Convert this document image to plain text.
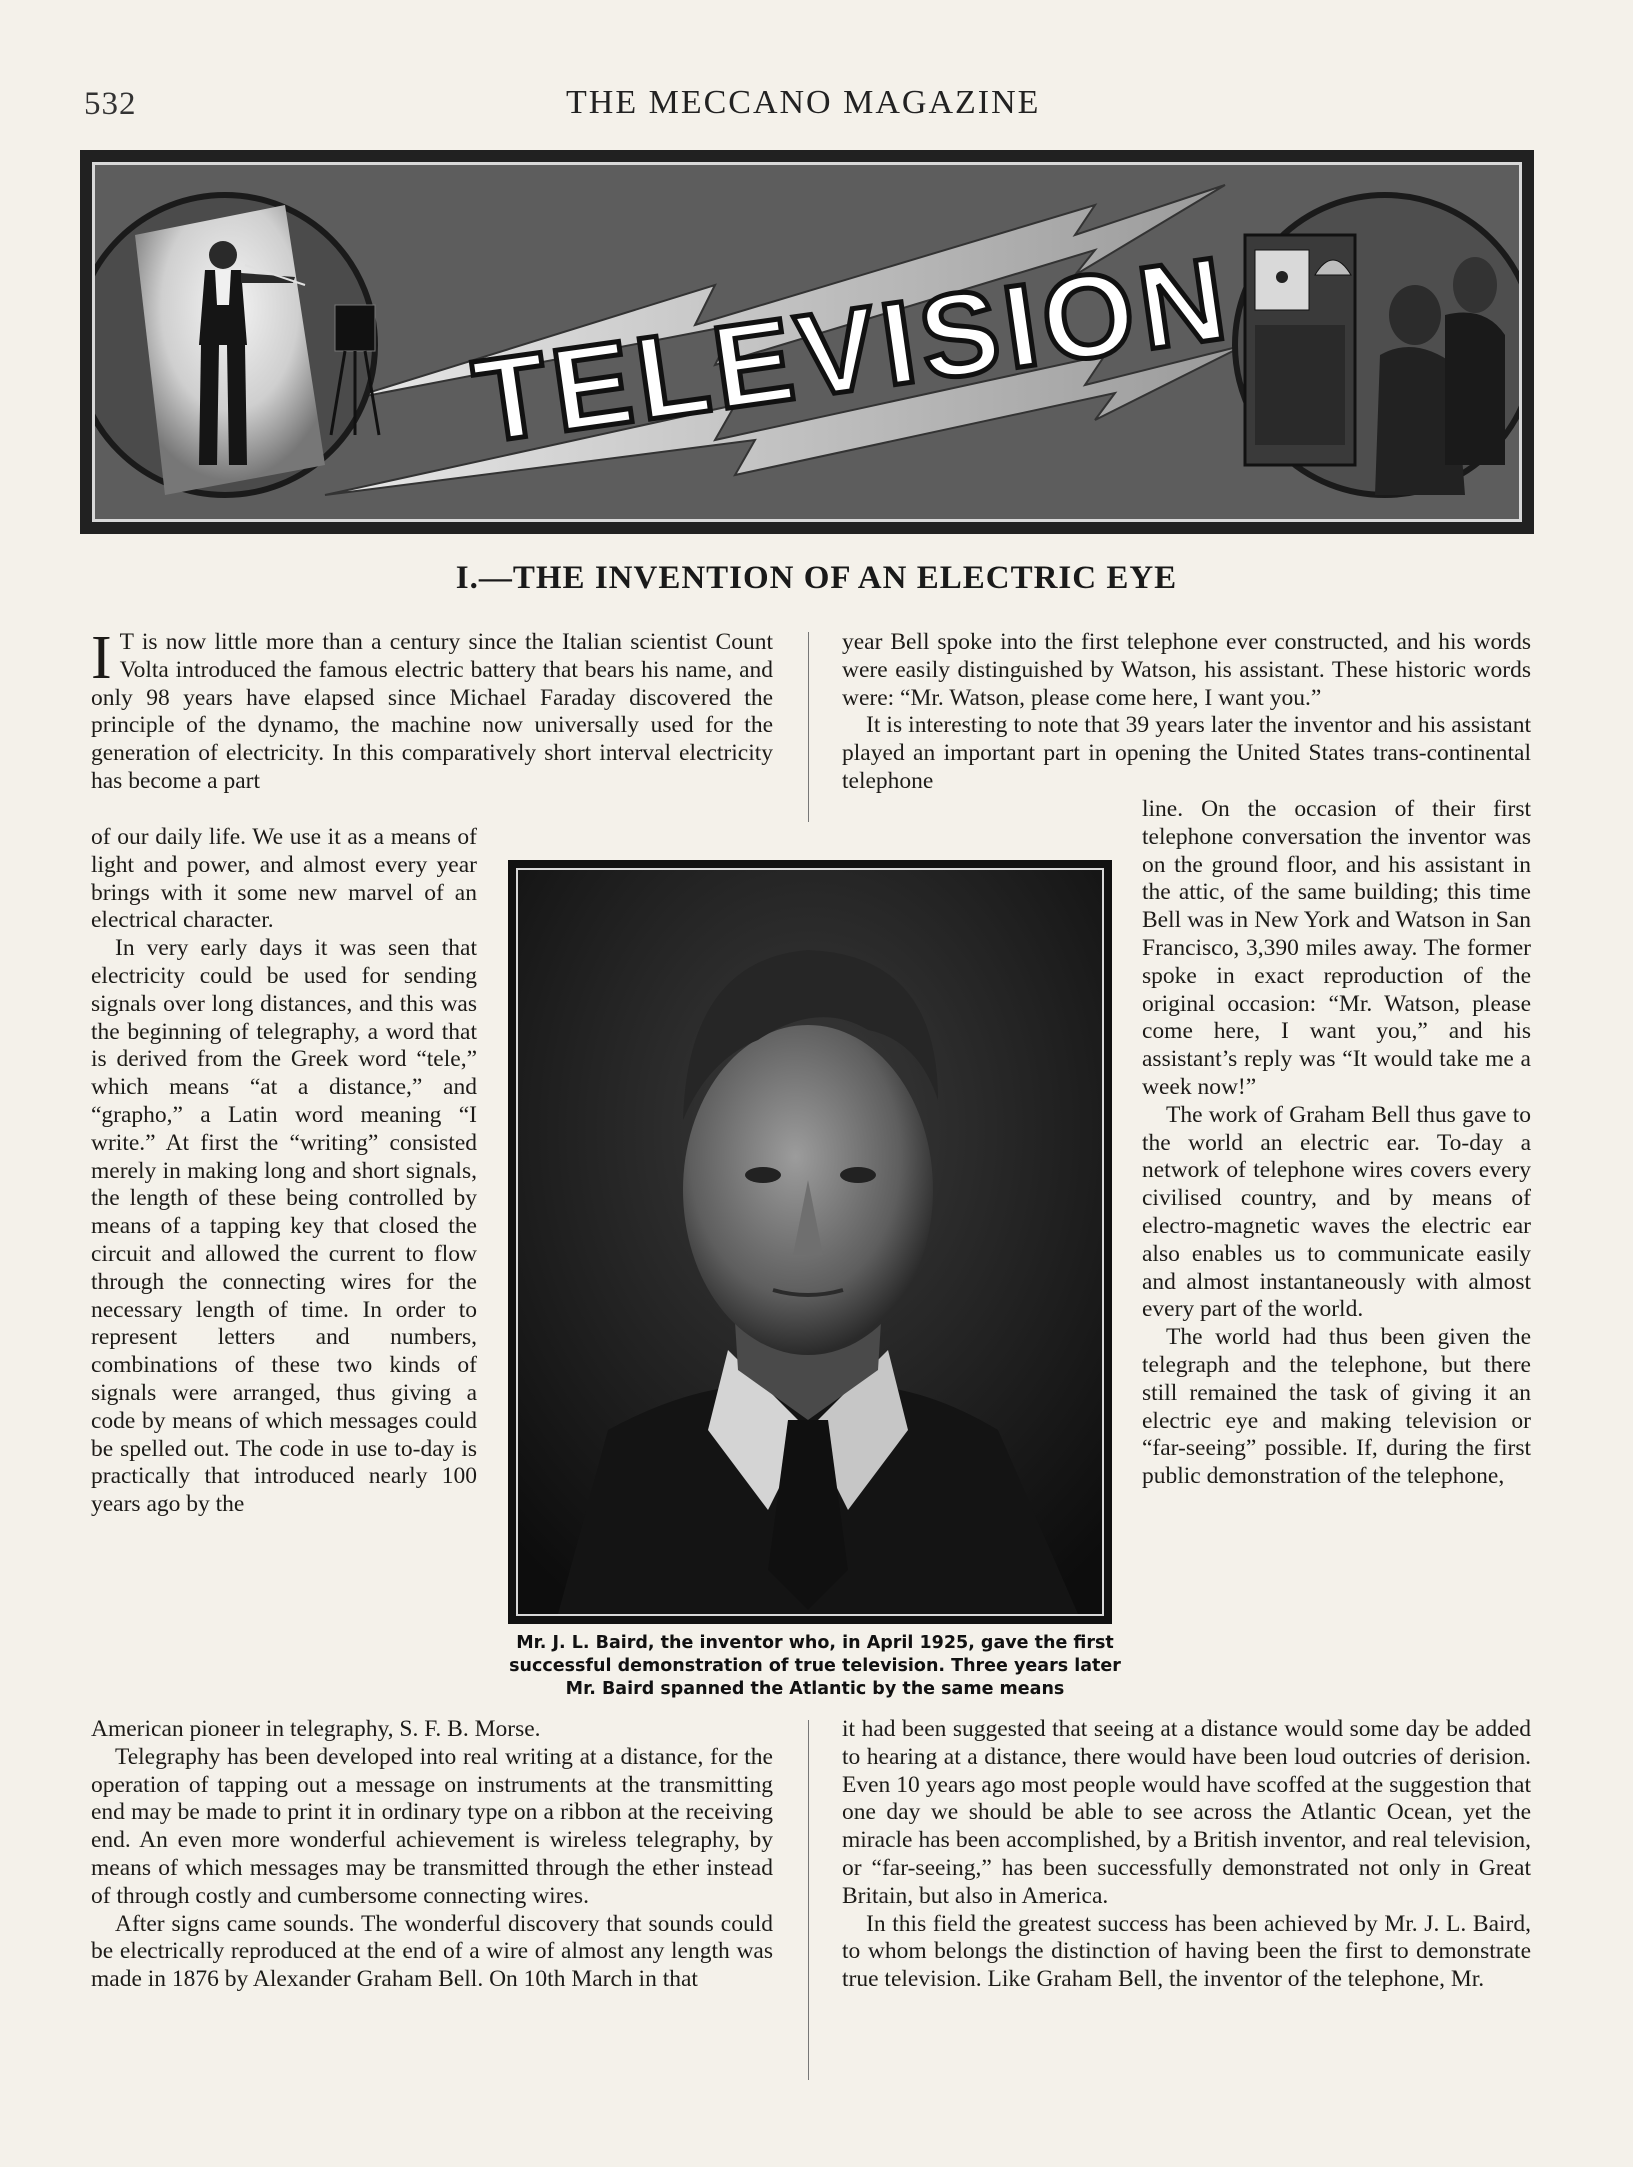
532	THE MECCANO MAGAZINE
TELEVISION
I.—THE INVENTION OF AN ELECTRIC EYE

I T is now little more than a century since the Italian scientist Count Volta introduced the famous electric battery that bears his name, and only 98 years have elapsed since Michael Faraday discovered the principle of the dynamo, the machine now universally used for the generation of electricity. In this comparatively short interval electricity has become a part

of our daily life. We use it as a means of light and power, and almost every year brings with it some new marvel of an electrical character.

In very early days it was seen that electricity could be used for sending signals over long distances, and this was the beginning of telegraphy, a word that is derived from the Greek word “tele,” which means “at a distance,” and “grapho,” a Latin word meaning “I write.” At first the “writing” consisted merely in making long and short signals, the length of these being controlled by means of a tapping key that closed the circuit and allowed the current to flow through the connecting wires for the necessary length of time. In order to represent letters and numbers, combinations of these two kinds of signals were arranged, thus giving a code by means of which messages could be spelled out. The code in use to-day is practically that introduced nearly 100 years ago by the

American pioneer in telegraphy, S. F. B. Morse.

Telegraphy has been developed into real writing at a distance, for the operation of tapping out a message on instruments at the transmitting end may be made to print it in ordinary type on a ribbon at the receiving end. An even more wonderful achievement is wireless telegraphy, by means of which messages may be transmitted through the ether instead of through costly and cumbersome connecting wires.

After signs came sounds. The wonderful discovery that sounds could be electrically reproduced at the end of a wire of almost any length was made in 1876 by Alexander Graham Bell. On 10th March in that

year Bell spoke into the first telephone ever constructed, and his words were easily distinguished by Watson, his assistant. These historic words were: “Mr. Watson, please come here, I want you.”

It is interesting to note that 39 years later the inventor and his assistant played an important part in opening the United States trans-continental telephone

line. On the occasion of their first telephone conversation the inventor was on the ground floor, and his assistant in the attic, of the same building; this time Bell was in New York and Watson in San Francisco, 3,390 miles away. The former spoke in exact reproduction of the original occasion: “Mr. Watson, please come here, I want you,” and his assistant’s reply was “It would take me a week now!”

The work of Graham Bell thus gave to the world an electric ear. To-day a network of telephone wires covers every civilised country, and by means of electro-magnetic waves the electric ear also enables us to communicate easily and almost instantaneously with almost every part of the world.

The world had thus been given the telegraph and the telephone, but there still remained the task of giving it an electric eye and making television or “far-seeing” possible. If, during the first public demonstration of the telephone,

it had been suggested that seeing at a distance would some day be added to hearing at a distance, there would have been loud outcries of derision. Even 10 years ago most people would have scoffed at the suggestion that one day we should be able to see across the Atlantic Ocean, yet the miracle has been accomplished, by a British inventor, and real television, or “far-seeing,” has been successfully demonstrated not only in Great Britain, but also in America.

In this field the greatest success has been achieved by Mr. J. L. Baird, to whom belongs the distinction of having been the first to demonstrate true television. Like Graham Bell, the inventor of the telephone, Mr.

Mr. J. L. Baird, the inventor who, in April 1925, gave the first successful demonstration of true television. Three years later Mr. Baird spanned the Atlantic by the same means
